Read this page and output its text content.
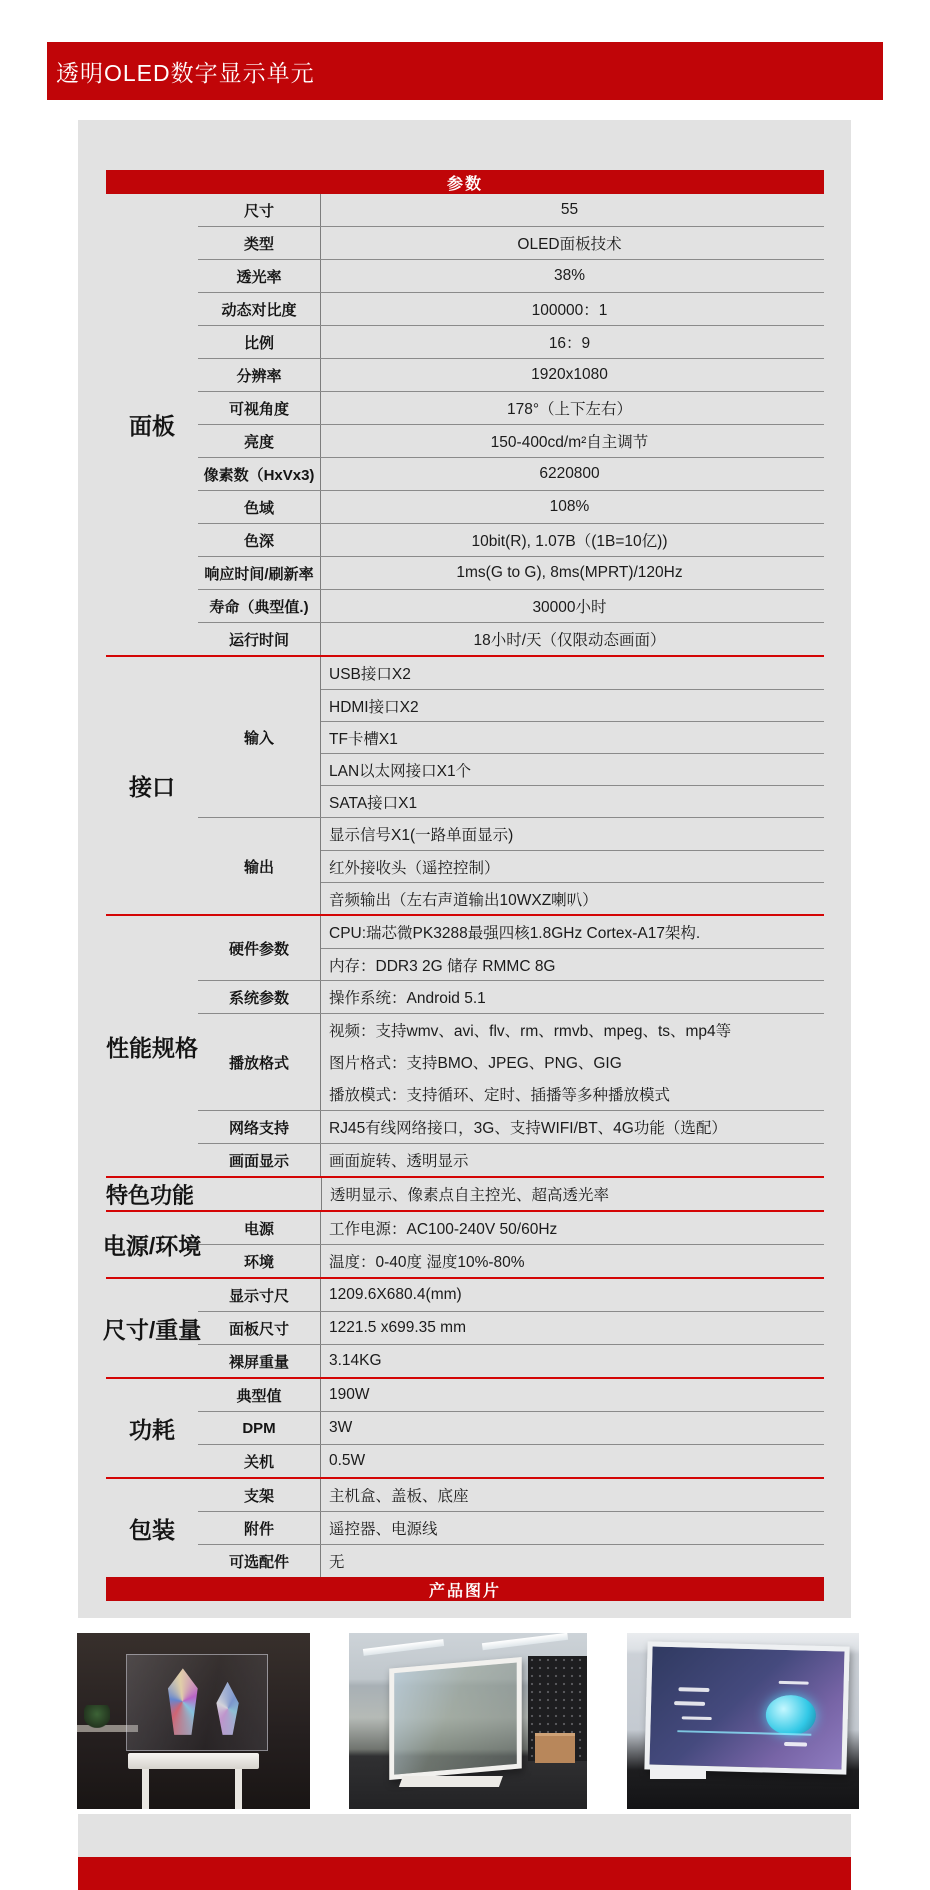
透明OLED数字显示单元
参数
面板
尺寸	55
类型	OLED面板技术
透光率	38%
动态对比度	100000：1
比例	16：9
分辨率	1920x1080
可视角度	178°（上下左右）
亮度	150-400cd/m²自主调节
像素数（HxVx3)	6220800
色域	108%
色深	10bit(R), 1.07B（(1B=10亿))
响应时间/刷新率	1ms(G to G), 8ms(MPRT)/120Hz
寿命（典型值.)	30000小时
运行时间	18小时/天（仅限动态画面）
接口
输入
USB接口X2
HDMI接口X2
TF卡槽X1
LAN以太网接口X1个
SATA接口X1
输出
显示信号X1(一路单面显示)
红外接收头（遥控控制）
音频输出（左右声道输出10WXZ喇叭）
性能规格
硬件参数
CPU:瑞芯微PK3288最强四核1.8GHz Cortex-A17架构.
内存：DDR3 2G 储存 RMMC 8G
系统参数	操作系统：Android 5.1
播放格式
视频：支持wmv、avi、flv、rm、rmvb、mpeg、ts、mp4等
图片格式：支持BMO、JPEG、PNG、GIG
播放模式：支持循环、定时、插播等多种播放模式
网络支持	RJ45有线网络接口，3G、支持WIFI/BT、4G功能（选配）
画面显示	画面旋转、透明显示
特色功能	透明显示、像素点自主控光、超高透光率
电源/环境
电源	工作电源：AC100-240V 50/60Hz
环境	温度：0-40度 湿度10%-80%
尺寸/重量
显示寸尺	1209.6X680.4(mm)
面板尺寸	1221.5 x699.35 mm
裸屏重量	3.14KG
功耗
典型值	190W
DPM	3W
关机	0.5W
包装
支架	主机盒、盖板、底座
附件	遥控器、电源线
可选配件	无
产品图片
